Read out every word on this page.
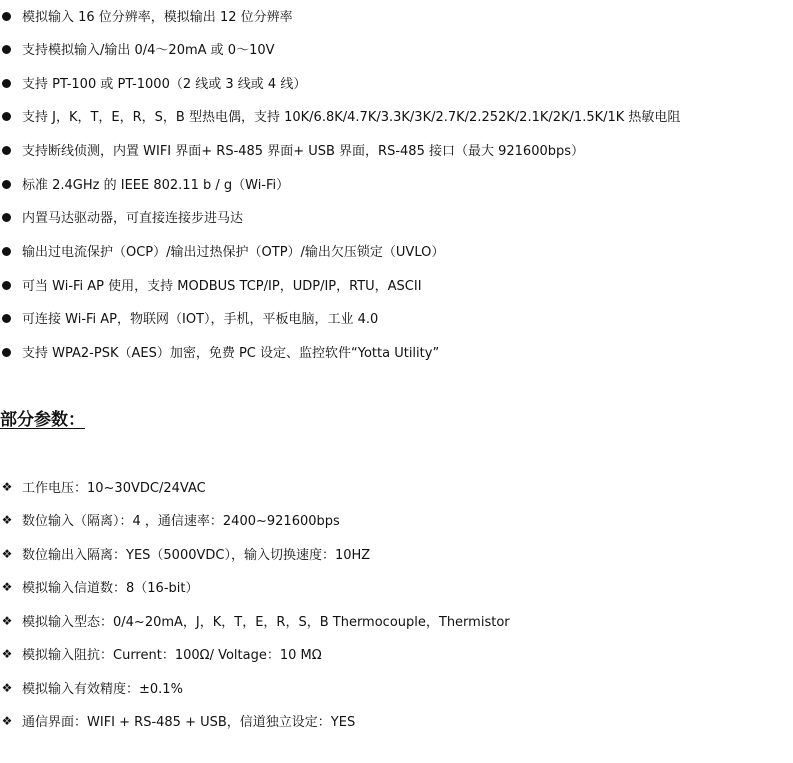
模拟输入 16 位分辨率，模拟输出 12 位分辨率
支持模拟输入/输出 0/4～20mA 或 0～10V
支持 PT-100 或 PT-1000（2 线或 3 线或 4 线）
支持 J，K，T，E，R，S，B 型热电偶，支持 10K/6.8K/4.7K/3.3K/3K/2.7K/2.252K/2.1K/2K/1.5K/1K 热敏电阻
支持断线侦测，内置 WIFI 界面+ RS-485 界面+ USB 界面，RS-485 接口（最大 921600bps）
标准 2.4GHz 的 IEEE 802.11 b / g（Wi-Fi）
内置马达驱动器，可直接连接步进马达
输出过电流保护（OCP）/输出过热保护（OTP）/输出欠压锁定（UVLO）
可当 Wi-Fi AP 使用，支持 MODBUS TCP/IP，UDP/IP，RTU，ASCII
可连接 Wi-Fi AP，物联网（IOT），手机，平板电脑，工业 4.0
支持 WPA2-PSK（AES）加密，免费 PC 设定、监控软件“Yotta Utility”
部分参数：
❖ 工作电压：10~30VDC/24VAC
❖ 数位输入（隔离）：4 ，通信速率：2400~921600bps
❖ 数位输出入隔离：YES（5000VDC），输入切换速度：10HZ
❖ 模拟输入信道数：8（16-bit）
❖ 模拟输入型态：0/4~20mA，J，K，T，E，R，S，B Thermocouple，Thermistor
❖ 模拟输入阻抗：Current：100Ω/ Voltage：10 MΩ
❖ 模拟输入有效精度：±0.1%
❖ 通信界面：WIFI + RS-485 + USB，信道独立设定：YES
